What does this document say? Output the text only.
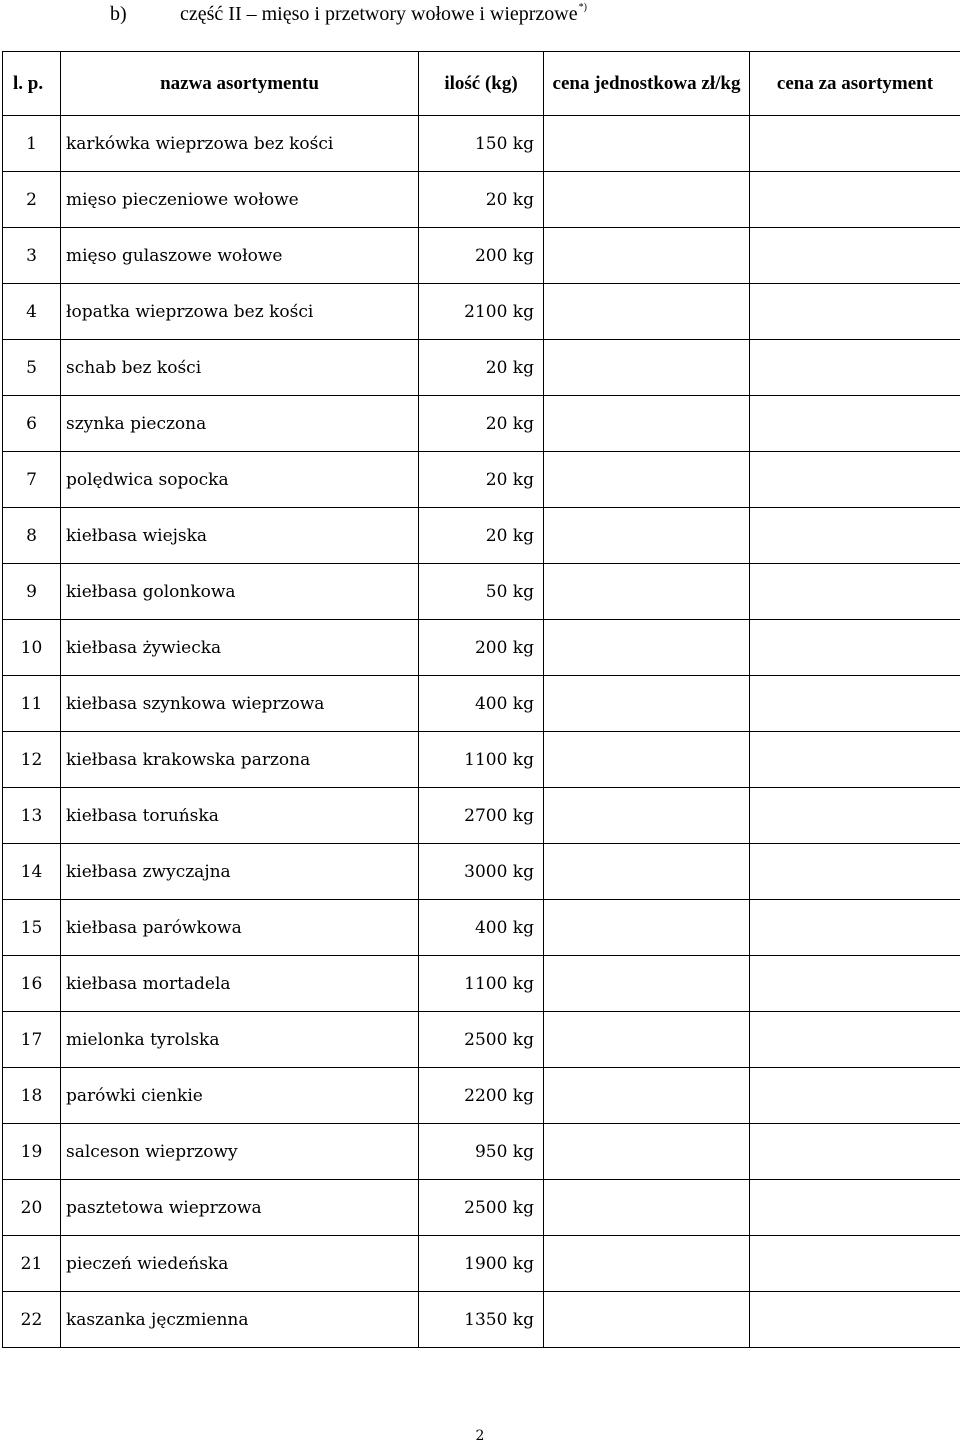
b)	część II – mięso i przetwory wołowe i wieprzowe*)
l. p.	nazwa asortymentu	ilość (kg)	cena jednostkowa zł/kg	cena za asortyment
1	karkówka wieprzowa bez kości	150 kg		
2	mięso pieczeniowe wołowe	20 kg		
3	mięso gulaszowe wołowe	200 kg		
4	łopatka wieprzowa bez kości	2100 kg		
5	schab bez kości	20 kg		
6	szynka pieczona	20 kg		
7	polędwica sopocka	20 kg		
8	kiełbasa wiejska	20 kg		
9	kiełbasa golonkowa	50 kg		
10	kiełbasa żywiecka	200 kg		
11	kiełbasa szynkowa wieprzowa	400 kg		
12	kiełbasa krakowska parzona	1100 kg		
13	kiełbasa toruńska	2700 kg		
14	kiełbasa zwyczajna	3000 kg		
15	kiełbasa parówkowa	400 kg		
16	kiełbasa mortadela	1100 kg		
17	mielonka tyrolska	2500 kg		
18	parówki cienkie	2200 kg		
19	salceson wieprzowy	950 kg		
20	pasztetowa wieprzowa	2500 kg		
21	pieczeń wiedeńska	1900 kg		
22	kaszanka jęczmienna	1350 kg		
2
